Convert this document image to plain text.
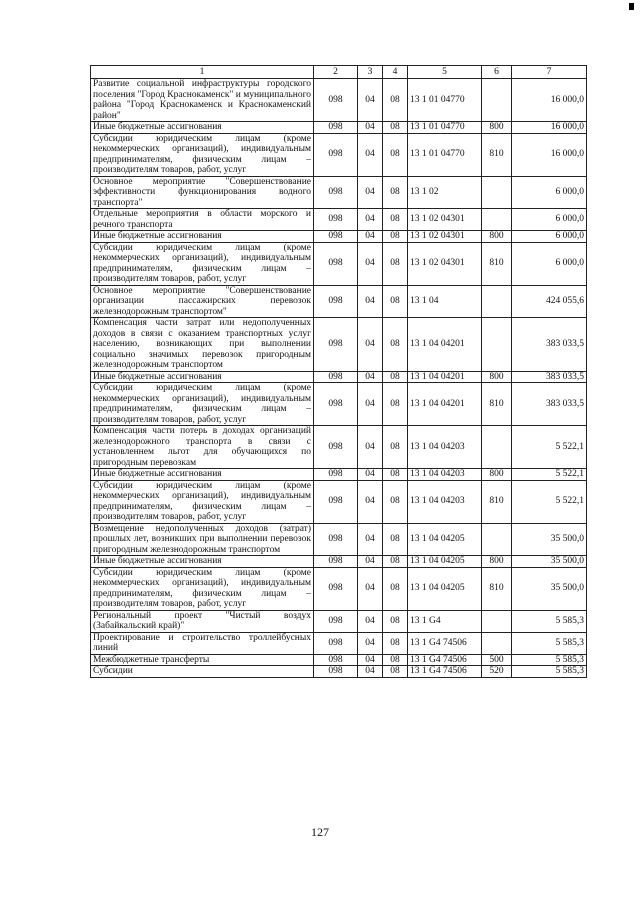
1	2	3	4	5	6	7
Развитие социальной инфраструктуры городского поселения "Город Краснокаменск" и муниципального района "Город Краснокаменск и Краснокаменский район"	098	04	08	13 1 01 04770		16 000,0
Иные бюджетные ассигнования	098	04	08	13 1 01 04770	800	16 000,0
Субсидии юридическим лицам (кроме некоммерческих организаций), индивидуальным предпринимателям, физическим лицам – производителям товаров, работ, услуг	098	04	08	13 1 01 04770	810	16 000,0
Основное мероприятие "Совершенствование эффективности функционирования водного транспорта"	098	04	08	13 1 02		6 000,0
Отдельные мероприятия в области морского и речного транспорта	098	04	08	13 1 02 04301		6 000,0
Иные бюджетные ассигнования	098	04	08	13 1 02 04301	800	6 000,0
Субсидии юридическим лицам (кроме некоммерческих организаций), индивидуальным предпринимателям, физическим лицам – производителям товаров, работ, услуг	098	04	08	13 1 02 04301	810	6 000,0
Основное мероприятие "Совершенствование организации пассажирских перевозок железнодорожным транспортом"	098	04	08	13 1 04		424 055,6
Компенсация части затрат или недополученных доходов в связи с оказанием транспортных услуг населению, возникающих при выполнении социально значимых перевозок пригородным железнодорожным транспортом	098	04	08	13 1 04 04201		383 033,5
Иные бюджетные ассигнования	098	04	08	13 1 04 04201	800	383 033,5
Субсидии юридическим лицам (кроме некоммерческих организаций), индивидуальным предпринимателям, физическим лицам – производителям товаров, работ, услуг	098	04	08	13 1 04 04201	810	383 033,5
Компенсация части потерь в доходах организаций железнодорожного транспорта в связи с установленнем льгот для обучающихся по пригородным перевозкам	098	04	08	13 1 04 04203		5 522,1
Иные бюджетные ассигнования	098	04	08	13 1 04 04203	800	5 522,1
Субсидии юридическим лицам (кроме некоммерческих организаций), индивидуальным предпринимателям, физическим лицам – производителям товаров, работ, услуг	098	04	08	13 1 04 04203	810	5 522,1
Возмещение недополученных доходов (затрат) прошлых лет, возникших при выполнении перевозок пригородным железнодорожным транспортом	098	04	08	13 1 04 04205		35 500,0
Иные бюджетные ассигнования	098	04	08	13 1 04 04205	800	35 500,0
Субсидии юридическим лицам (кроме некоммерческих организаций), индивидуальным предпринимателям, физическим лицам – производителям товаров, работ, услуг	098	04	08	13 1 04 04205	810	35 500,0
Региональный проект "Чистый воздух (Забайкальский край)"	098	04	08	13 1 G4		5 585,3
Проектирование и строительство троллейбусных линий	098	04	08	13 1 G4 74506		5 585,3
Межбюджетные трансферты	098	04	08	13 1 G4 74506	500	5 585,3
Субсидии	098	04	08	13 1 G4 74506	520	5 585,3
127
